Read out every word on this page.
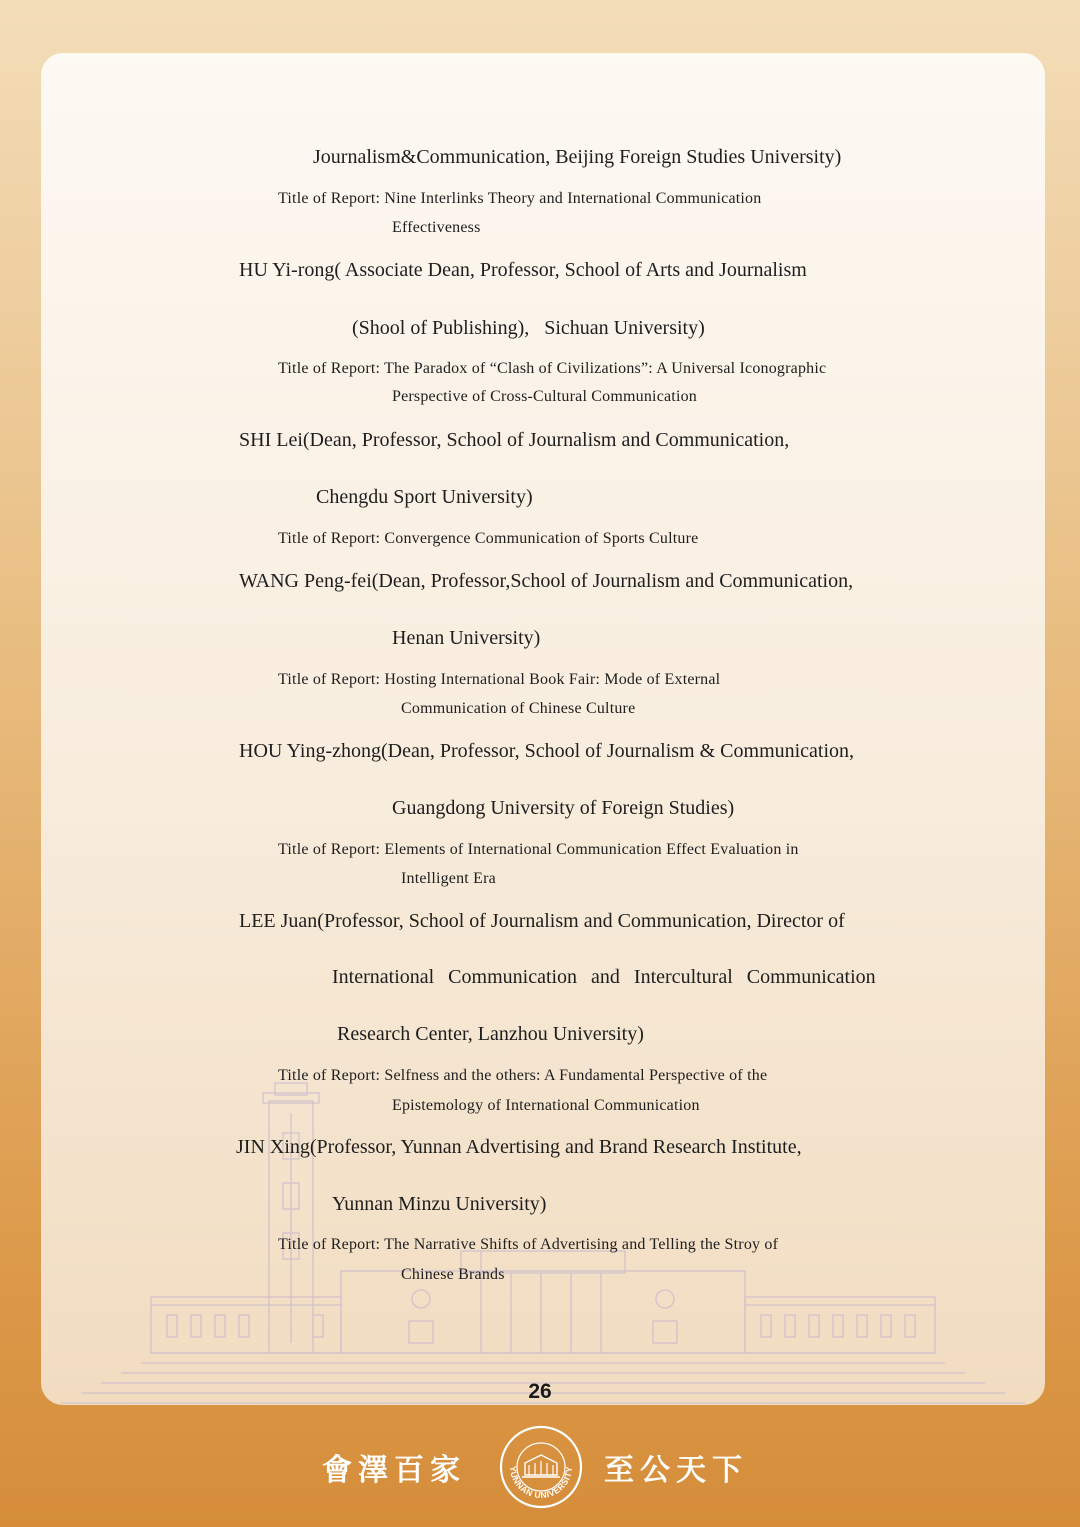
Journalism&Communication, Beijing Foreign Studies University)
Title of Report: Nine Interlinks Theory and International Communication
Effectiveness
HU Yi-rong( Associate Dean, Professor, School of Arts and Journalism
(Shool of Publishing),   Sichuan University)
Title of Report: The Paradox of “Clash of Civilizations”: A Universal Iconographic
Perspective of Cross-Cultural Communication
SHI Lei(Dean, Professor, School of Journalism and Communication,
Chengdu Sport University)
Title of Report: Convergence Communication of Sports Culture
WANG Peng-fei(Dean, Professor,School of Journalism and Communication,
Henan University)
Title of Report: Hosting International Book Fair: Mode of External
Communication of Chinese Culture
HOU Ying-zhong(Dean, Professor, School of Journalism & Communication,
Guangdong University of Foreign Studies)
Title of Report: Elements of International Communication Effect Evaluation in
Intelligent Era
LEE Juan(Professor, School of Journalism and Communication, Director of
International Communication and Intercultural Communication
Research Center, Lanzhou University)
Title of Report: Selfness and the others: A Fundamental Perspective of the
Epistemology of International Communication
JIN Xing(Professor, Yunnan Advertising and Brand Research Institute,
Yunnan Minzu University)
Title of Report: The Narrative Shifts of Advertising and Telling the Stroy of
Chinese Brands
26
會澤百家	YUNNAN UNIVERSITY 至公天下
